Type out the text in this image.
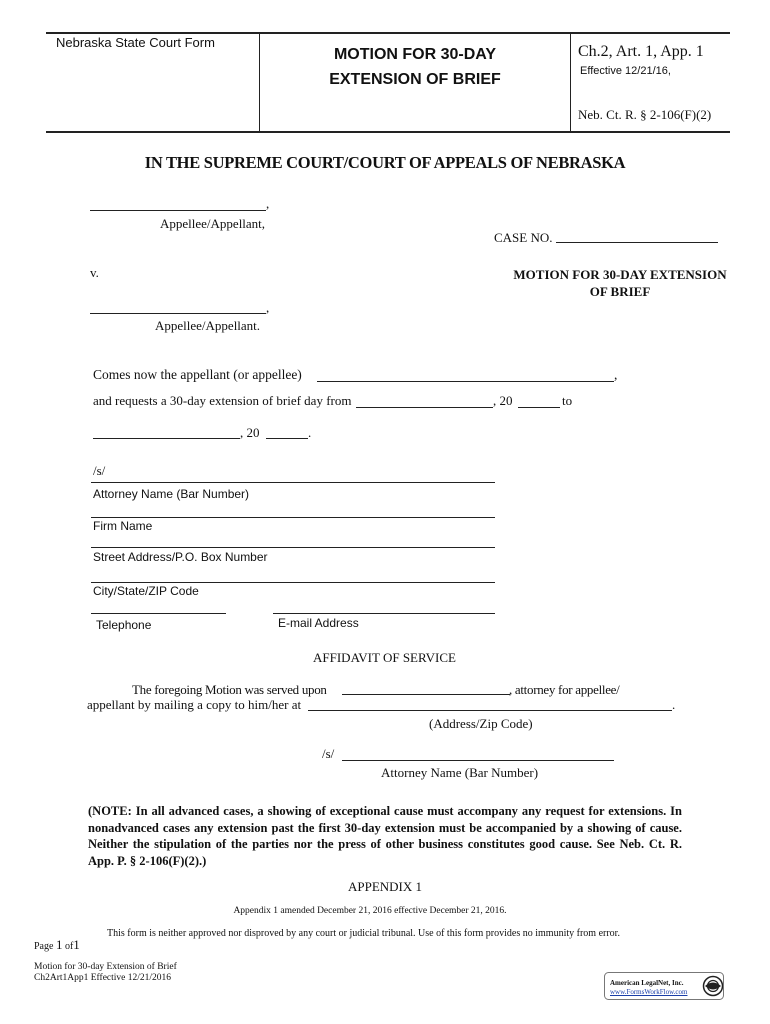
Nebraska State Court Form
MOTION FOR 30-DAY
EXTENSION OF BRIEF
Ch.2, Art. 1, App. 1
Effective 12/21/16,
Neb. Ct. R. § 2-106(F)(2)
IN THE SUPREME COURT/COURT OF APPEALS OF NEBRASKA
,
Appellee/Appellant,
CASE NO.
v.	MOTION FOR 30-DAY EXTENSION
OF BRIEF
,
Appellee/Appellant.
Comes now the appellant (or appellee)	,
and requests a 30-day extension of brief day from	, 20	to
, 20	.
/s/
Attorney Name (Bar Number)
Firm Name
Street Address/P.O. Box Number
City/State/ZIP Code
Telephone	E-mail Address
AFFIDAVIT OF SERVICE
The foregoing Motion was served upon	, attorney for appellee/
appellant by mailing a copy to him/her at	.
(Address/Zip Code)
/s/
Attorney Name (Bar Number)
(NOTE: In all advanced cases, a showing of exceptional cause must accompany any request for extensions. In nonadvanced cases any extension past the first 30-day extension must be accompanied by a showing of cause. Neither the stipulation of the parties nor the press of other business constitutes good cause. See Neb. Ct. R. App. P. § 2-106(F)(2).)
APPENDIX 1
Appendix 1 amended December 21, 2016 effective December 21, 2016.
Page 1 of1
This form is neither approved nor disproved by any court or judicial tribunal. Use of this form provides no immunity from error.
Motion for 30-day Extension of Brief
Ch2Art1App1 Effective 12/21/2016	American LegalNet, Inc.
www.FormsWorkFlow.com
